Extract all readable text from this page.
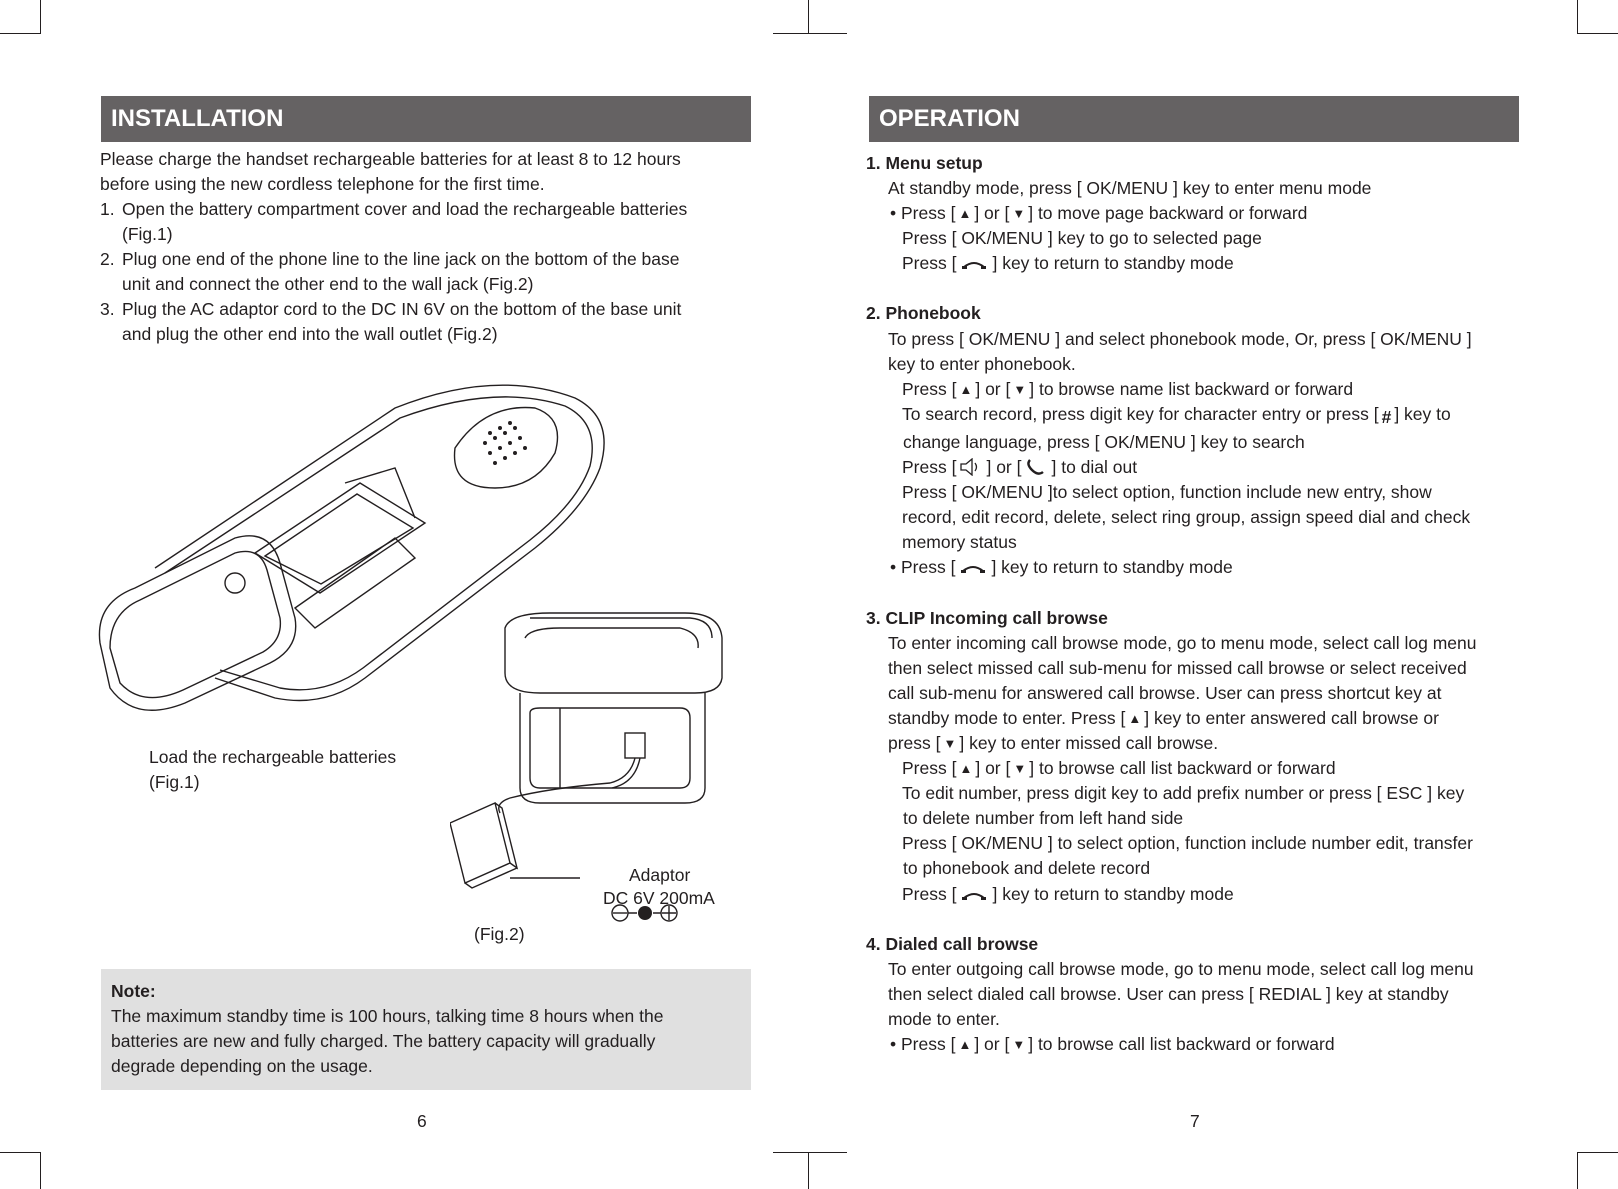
INSTALLATION

Please charge the handset rechargeable batteries for at least 8 to 12 hours

before using the new cordless telephone for the first time.

1. Open the battery compartment cover and load the rechargeable batteries
(Fig.1)
2. Plug one end of the phone line to the line jack on the bottom of the base
unit and connect the other end to the wall jack (Fig.2)
3. Plug the AC adaptor cord to the DC IN 6V on the bottom of the base unit
and plug the other end into the wall outlet (Fig.2)
Load the rechargeable batteries
(Fig.1)
Adaptor
DC 6V 200mA
(Fig.2)
Note:
The maximum standby time is 100 hours, talking time 8 hours when the
batteries are new and fully charged. The battery capacity will gradually
degrade depending on the usage.
6
OPERATION
1. Menu setup
At standby mode, press [ OK/MENU ] key to enter menu mode
• Press [ ▲ ] or [ ▼ ] to move page backward or forward
Press [ OK/MENU ] key to go to selected page
Press [ ] key to return to standby mode
2. Phonebook
To press [ OK/MENU ] and select phonebook mode, Or, press [ OK/MENU ]
key to enter phonebook.
Press [ ▲ ] or [ ▼ ] to browse name list backward or forward
To search record, press digit key for character entry or press [ # ] key to
change language, press [ OK/MENU ] key to search
Press [ ] or [ ] to dial out
Press [ OK/MENU ]to select option, function include new entry, show
record, edit record, delete, select ring group, assign speed dial and check
memory status
• Press [ ] key to return to standby mode
3. CLIP Incoming call browse
To enter incoming call browse mode, go to menu mode, select call log menu
then select missed call sub-menu for missed call browse or select received
call sub-menu for answered call browse. User can press shortcut key at
standby mode to enter. Press [ ▲ ] key to enter answered call browse or
press [ ▼ ] key to enter missed call browse.
Press [ ▲ ] or [ ▼ ] to browse call list backward or forward
To edit number, press digit key to add prefix number or press [ ESC ] key
to delete number from left hand side
Press [ OK/MENU ] to select option, function include number edit, transfer
to phonebook and delete record
Press [ ] key to return to standby mode
4. Dialed call browse
To enter outgoing call browse mode, go to menu mode, select call log menu
then select dialed call browse. User can press [ REDIAL ] key at standby
mode to enter.
• Press [ ▲ ] or [ ▼ ] to browse call list backward or forward
7
